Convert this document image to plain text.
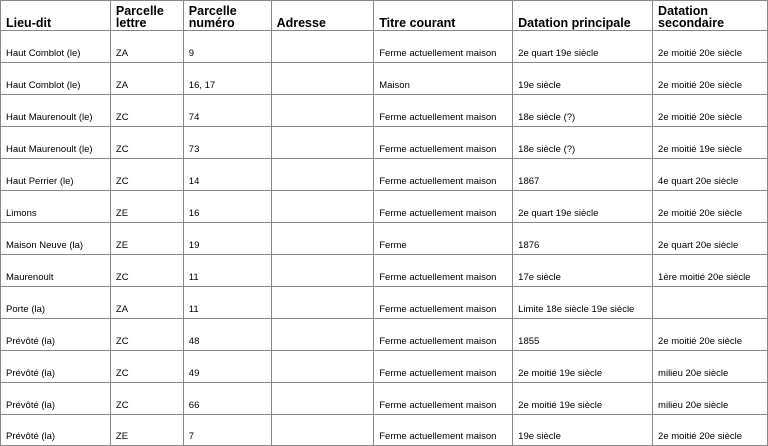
Lieu-dit	Parcelle lettre	Parcelle numéro	Adresse	Titre courant	Datation principale	Datation secondaire
Haut Comblot (le)	ZA	9		Ferme actuellement maison	2e quart 19e siècle	2e moitié 20e siècle
Haut Comblot (le)	ZA	16, 17		Maison	19e siècle	2e moitié 20e siècle
Haut Maurenoult (le)	ZC	74		Ferme actuellement maison	18e siècle (?)	2e moitié 20e siècle
Haut Maurenoult (le)	ZC	73		Ferme actuellement maison	18e siècle (?)	2e moitié 19e siècle
Haut Perrier (le)	ZC	14		Ferme actuellement maison	1867	4e quart 20e siècle
Limons	ZE	16		Ferme actuellement maison	2e quart 19e siècle	2e moitié 20e siècle
Maison Neuve (la)	ZE	19		Ferme	1876	2e quart 20e siècle
Maurenoult	ZC	11		Ferme actuellement maison	17e siècle	1ère moitié 20e siècle
Porte (la)	ZA	11		Ferme actuellement maison	Limite 18e siècle 19e siècle	
Prévôté (la)	ZC	48		Ferme actuellement maison	1855	2e moitié 20e siècle
Prévôté (la)	ZC	49		Ferme actuellement maison	2e moitié 19e siècle	milieu 20e siècle
Prévôté (la)	ZC	66		Ferme actuellement maison	2e moitié 19e siècle	milieu 20e siècle
Prévôté (la)	ZE	7		Ferme actuellement maison	19e siècle	2e moitié 20e siècle
